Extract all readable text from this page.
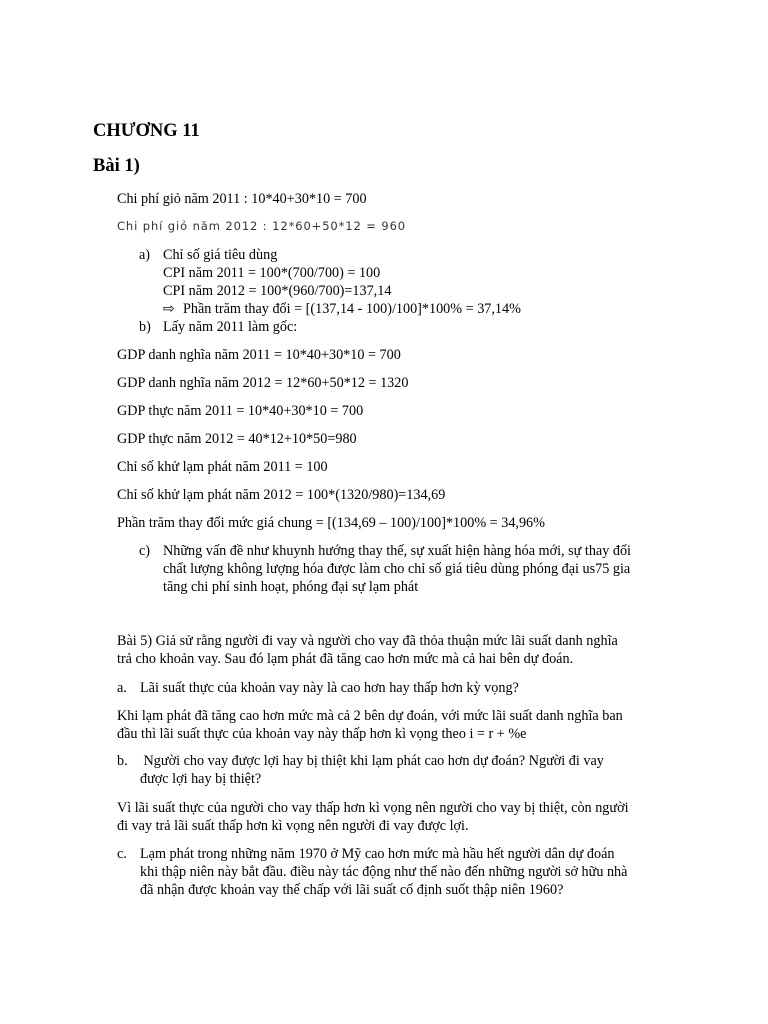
CHƯƠNG 11
Bài 1)

Chi phí giỏ năm 2011 : 10*40+30*10 = 700

Chi phí giỏ năm 2012 : 12*60+50*12 = 960

a) Chỉ số giá tiêu dùng

CPI năm 2011 = 100*(700/700) = 100

CPI năm 2012 = 100*(960/700)=137,14

⇨ Phần trăm thay đổi = [(137,14 - 100)/100]*100% = 37,14%

b) Lấy năm 2011 làm gốc:

GDP danh nghĩa năm 2011 = 10*40+30*10 = 700

GDP danh nghĩa năm 2012 = 12*60+50*12 = 1320

GDP thực năm 2011 = 10*40+30*10 = 700

GDP thực năm 2012 = 40*12+10*50=980

Chỉ số khử lạm phát năm 2011 = 100

Chỉ số khử lạm phát năm 2012 = 100*(1320/980)=134,69

Phần trăm thay đổi mức giá chung = [(134,69 – 100)/100]*100% = 34,96%

c) Những vấn đề như khuynh hướng thay thế, sự xuất hiện hàng hóa mới, sự thay đổi

chất lượng không lượng hóa được làm cho chỉ số giá tiêu dùng phóng đại us75 gia

tăng chi phí sinh hoạt, phóng đại sự lạm phát

Bài 5) Giả sử rằng người đi vay và người cho vay đã thỏa thuận mức lãi suất danh nghĩa

trả cho khoản vay. Sau đó lạm phát đã tăng cao hơn mức mà cả hai bên dự đoán.

a. Lãi suất thực của khoản vay này là cao hơn hay thấp hơn kỳ vọng?

Khi lạm phát đã tăng cao hơn mức mà cả 2 bên dự đoán, với mức lãi suất danh nghĩa ban

đầu thì lãi suất thực của khoản vay này thấp hơn kì vọng theo i = r + %e

b. Người cho vay được lợi hay bị thiệt khi lạm phát cao hơn dự đoán? Người đi vay

được lợi hay bị thiệt?

Vì lãi suất thực của người cho vay thấp hơn kì vọng nên người cho vay bị thiệt, còn người

đi vay trả lãi suất thấp hơn kì vọng nên người đi vay được lợi.

c. Lạm phát trong những năm 1970 ở Mỹ cao hơn mức mà hầu hết người dân dự đoán

khi thập niên này bắt đầu. điều này tác động như thế nào đến những người sở hữu nhà

đã nhận được khoản vay thế chấp với lãi suất cố định suốt thập niên 1960?
